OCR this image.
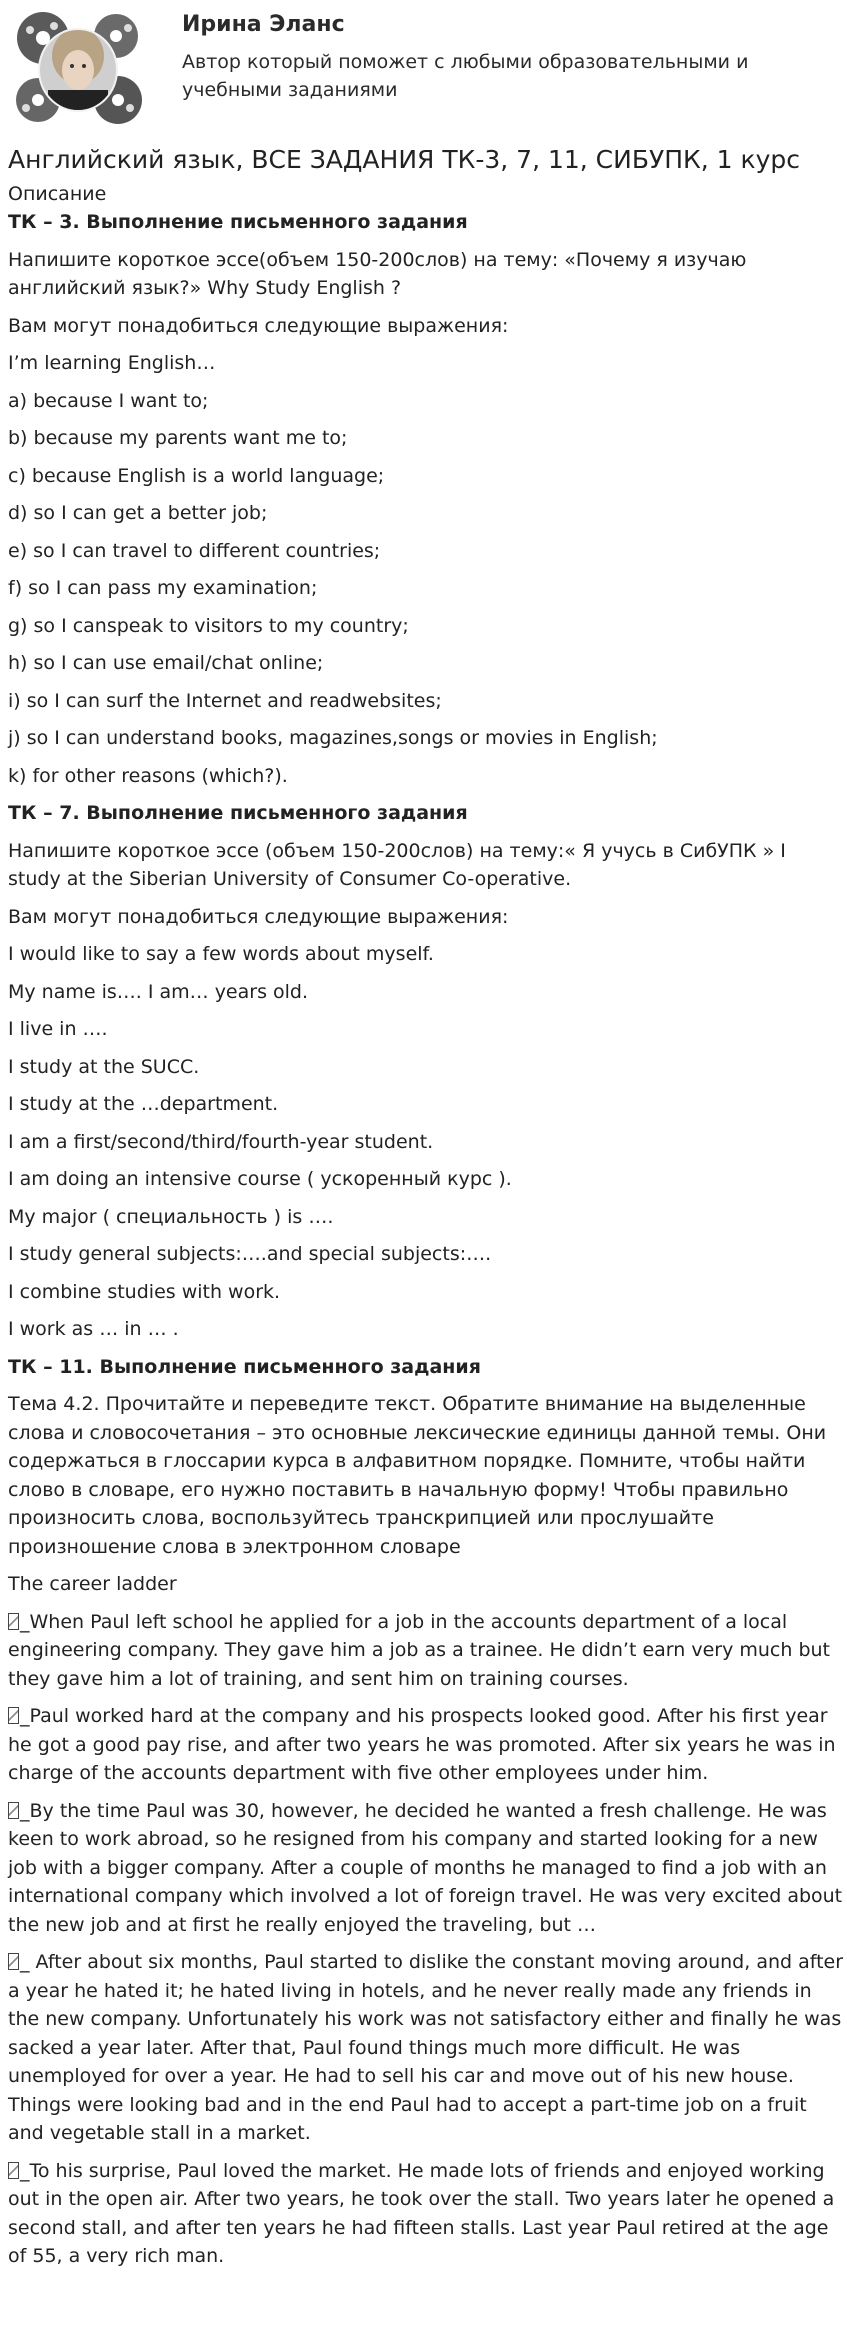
Ирина Эланс
Автор который поможет с любыми образовательными и учебными заданиями
Английский язык, ВСЕ ЗАДАНИЯ ТК-3, 7, 11, СИБУПК, 1 курс
Описание

ТК – 3. Выполнение письменного задания

Напишите короткое эссе(объем 150-200слов) на тему: «Почему я изучаю английский язык?» Why Study English ?

Вам могут понадобиться следующие выражения:

I’m learning English…

a) because I want to;

b) because my parents want me to;

c) because English is a world language;

d) so I can get a better job;

e) so I can travel to different countries;

f) so I can pass my examination;

g) so I canspeak to visitors to my country;

h) so I can use email/chat online;

i) so I can surf the Internet and readwebsites;

j) so I can understand books, magazines,songs or movies in English;

k) for other reasons (which?).

ТК – 7. Выполнение письменного задания

Напишите короткое эссе (объем 150-200слов) на тему:« Я учусь в СибУПК » I study at the Siberian University of Consumer Co-operative.

Вам могут понадобиться следующие выражения:

I would like to say a few words about myself.

My name is…. I am… years old.

I live in ….

I study at the SUCC.

I study at the …department.

I am a first/second/third/fourth-year student.

I am doing an intensive course ( ускоренный курс ).

My major ( специальность ) is ….

I study general subjects:….and special subjects:….

I combine studies with work.

I work as … in … .

ТК – 11. Выполнение письменного задания

Тема 4.2. Прочитайте и переведите текст. Обратите внимание на выделенные слова и словосочетания – это основные лексические единицы данной темы. Они содержаться в глоссарии курса в алфавитном порядке. Помните, чтобы найти слово в словаре, его нужно поставить в начальную форму! Чтобы правильно произносить слова, воспользуйтесь транскрипцией или прослушайте произношение слова в электронном словаре

The career ladder

_When Paul left school he applied for a job in the accounts department of a local engineering company. They gave him a job as a trainee. He didn’t earn very much but they gave him a lot of training, and sent him on training courses.

_Paul worked hard at the company and his prospects looked good. After his first year he got a good pay rise, and after two years he was promoted. After six years he was in charge of the accounts department with five other employees under him.

_By the time Paul was 30, however, he decided he wanted a fresh challenge. He was keen to work abroad, so he resigned from his company and started looking for a new job with a bigger company. After a couple of months he managed to find a job with an international company which involved a lot of foreign travel. He was very excited about the new job and at first he really enjoyed the traveling, but …

_ After about six months, Paul started to dislike the constant moving around, and after a year he hated it; he hated living in hotels, and he never really made any friends in the new company. Unfortunately his work was not satisfactory either and finally he was sacked a year later. After that, Paul found things much more difficult. He was unemployed for over a year. He had to sell his car and move out of his new house. Things were looking bad and in the end Paul had to accept a part-time job on a fruit and vegetable stall in a market.

_To his surprise, Paul loved the market. He made lots of friends and enjoyed working out in the open air. After two years, he took over the stall. Two years later he opened a second stall, and after ten years he had fifteen stalls. Last year Paul retired at the age of 55, a very rich man.
